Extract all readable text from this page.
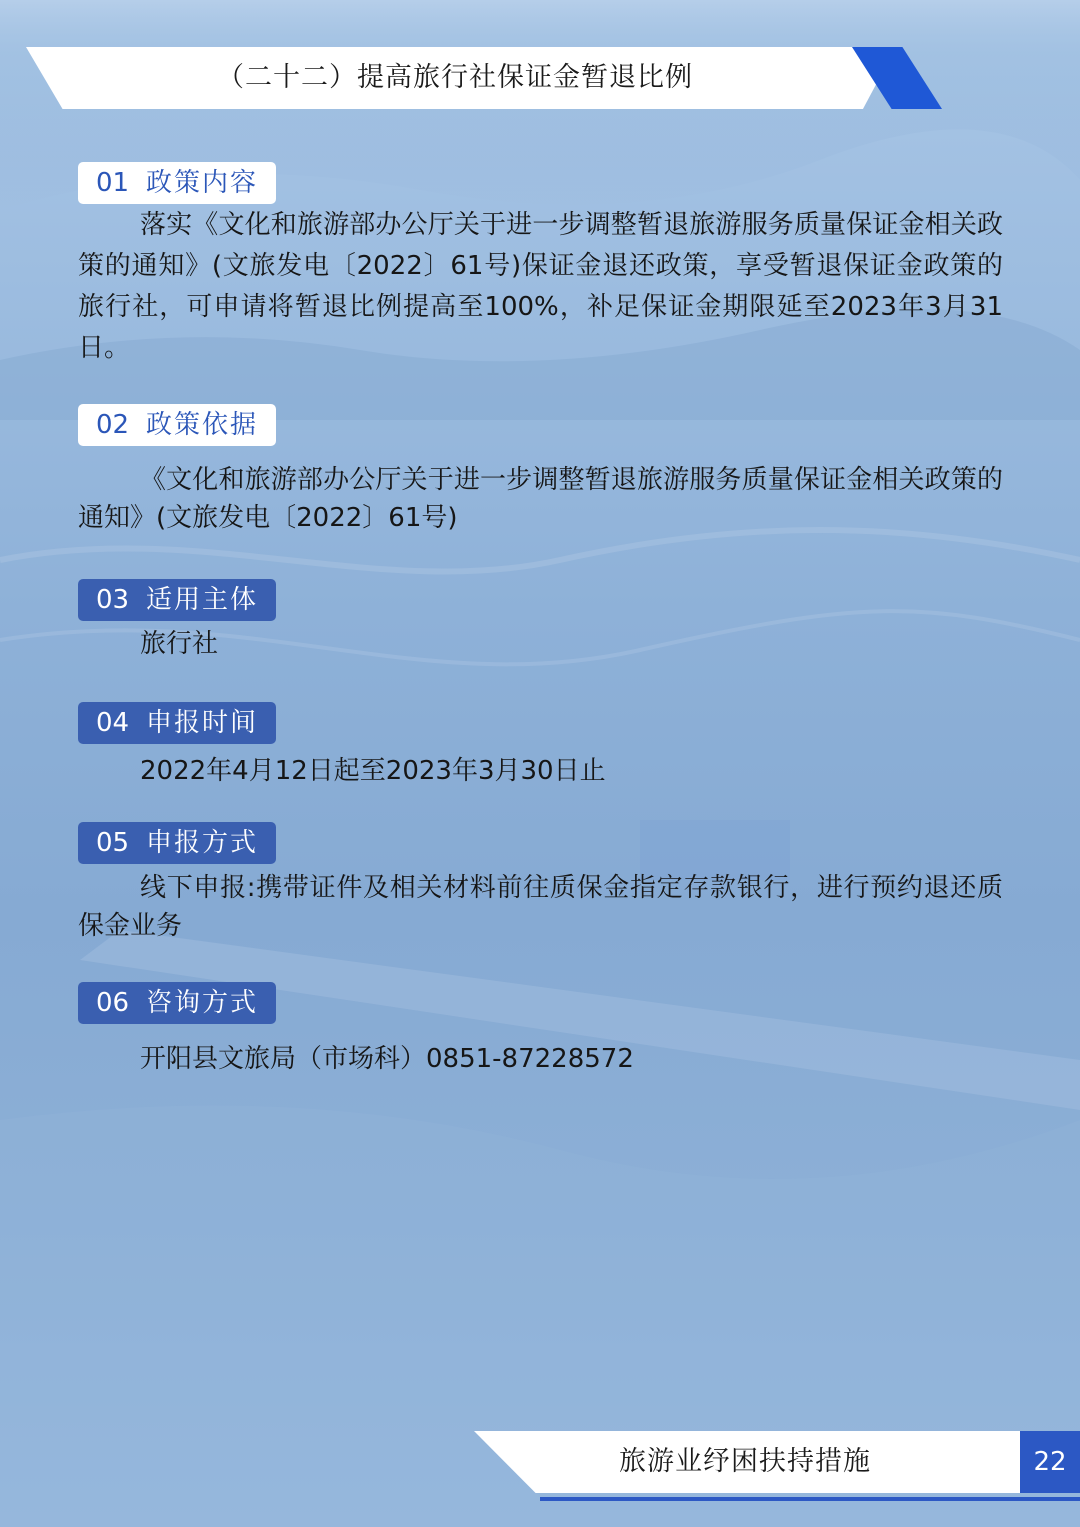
（二十二）提高旅行社保证金暂退比例
01 政策内容

落实《文化和旅游部办公厅关于进一步调整暂退旅游服务质量保证金相关政策的通知》(文旅发电〔2022〕61号)保证金退还政策，享受暂退保证金政策的旅行社，可申请将暂退比例提高至100%，补足保证金期限延至2023年3月31日。

02 政策依据

《文化和旅游部办公厅关于进一步调整暂退旅游服务质量保证金相关政策的通知》(文旅发电〔2022〕61号)

03 适用主体

旅行社

04 申报时间

2022年4月12日起至2023年3月30日止

05 申报方式

线下申报:携带证件及相关材料前往质保金指定存款银行，进行预约退还质保金业务

06 咨询方式

开阳县文旅局（市场科）0851-87228572

旅游业纾困扶持措施	22
